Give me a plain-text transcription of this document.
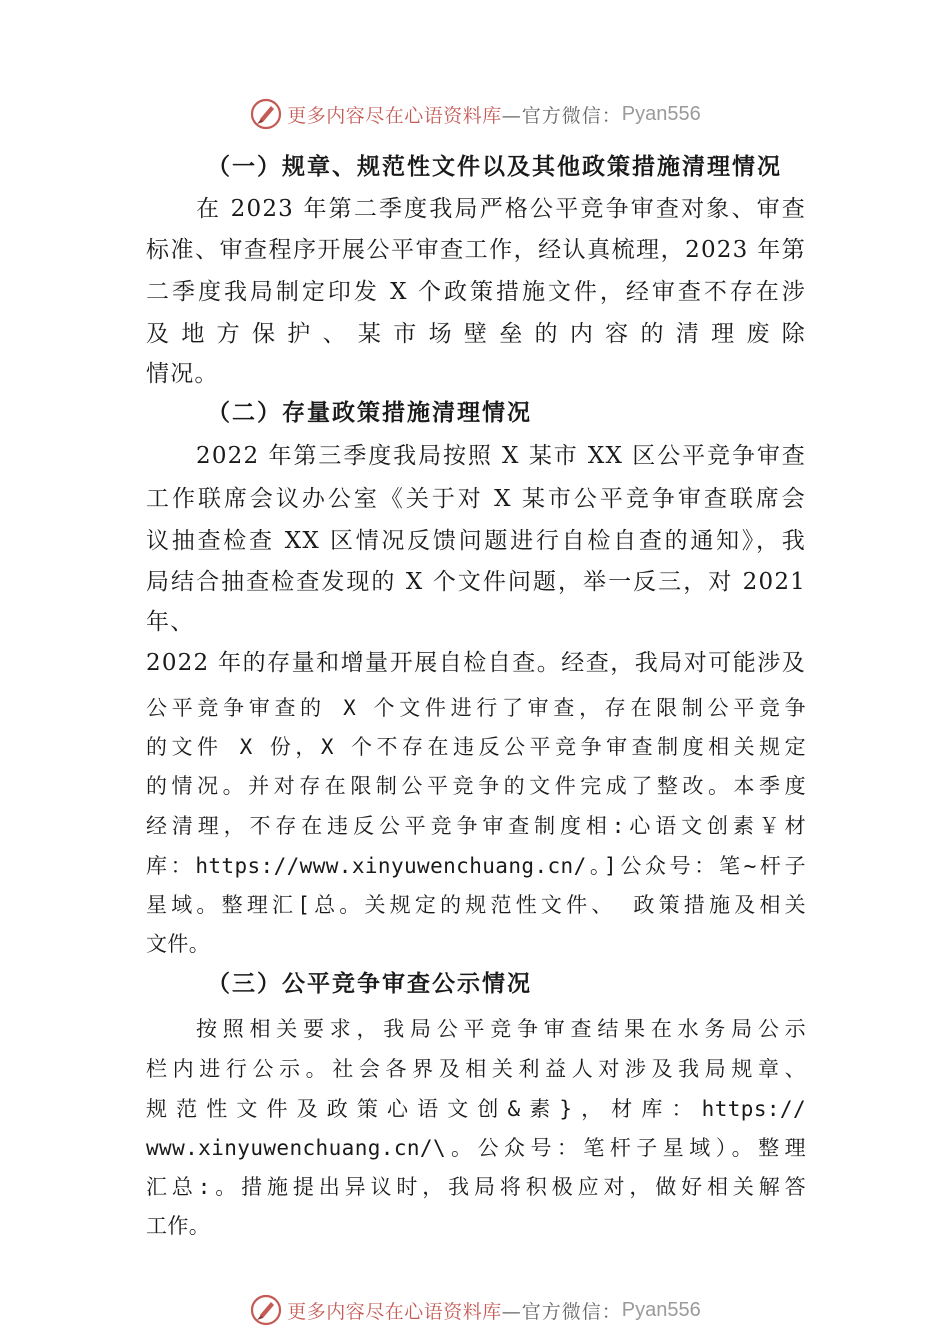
更多内容尽在心语资料库 —官方微信： Pyan556
（一）规章、规范性文件以及其他政策措施清理情况
在 2023 年第二季度我局严格公平竞争审查对象、审查
标准、审查程序开展公平审查工作，经认真梳理，2023 年第
二季度我局制定印发 X 个政策措施文件，经审查不存在涉
及地方保护、某市场壁垒的内容的清理废除
情况。
（二）存量政策措施清理情况
2022 年第三季度我局按照 X 某市 XX 区公平竞争审查
工作联席会议办公室《关于对 X 某市公平竞争审查联席会
议抽查检查 XX 区情况反馈问题进行自检自查的通知》，我
局结合抽查检查发现的 X 个文件问题，举一反三，对 2021
年、
2022 年的存量和增量开展自检自查。经查，我局对可能涉及
公平竞争审查的 X 个文件进行了审查，存在限制公平竞争
的文件 X 份，X 个不存在违反公平竞争审查制度相关规定
的情况。并对存在限制公平竞争的文件完成了整改。本季度
经清理，不存在违反公平竞争审查制度相:心语文创素￥材
库：https://www.xinyuwenchuang.cn/。]公众号：笔~杆子
星域。整理汇[总。关规定的规范性文件、 政策措施及相关
文件。
（三）公平竞争审查公示情况
按照相关要求，我局公平竞争审查结果在水务局公示
栏内进行公示。社会各界及相关利益人对涉及我局规章、
规范性文件及政策心语文创&素}，材库：https://
www.xinyuwenchuang.cn/\。公众号：笔杆子星域）。整理
汇总:。措施提出异议时，我局将积极应对，做好相关解答
工作。
更多内容尽在心语资料库 —官方微信： Pyan556
